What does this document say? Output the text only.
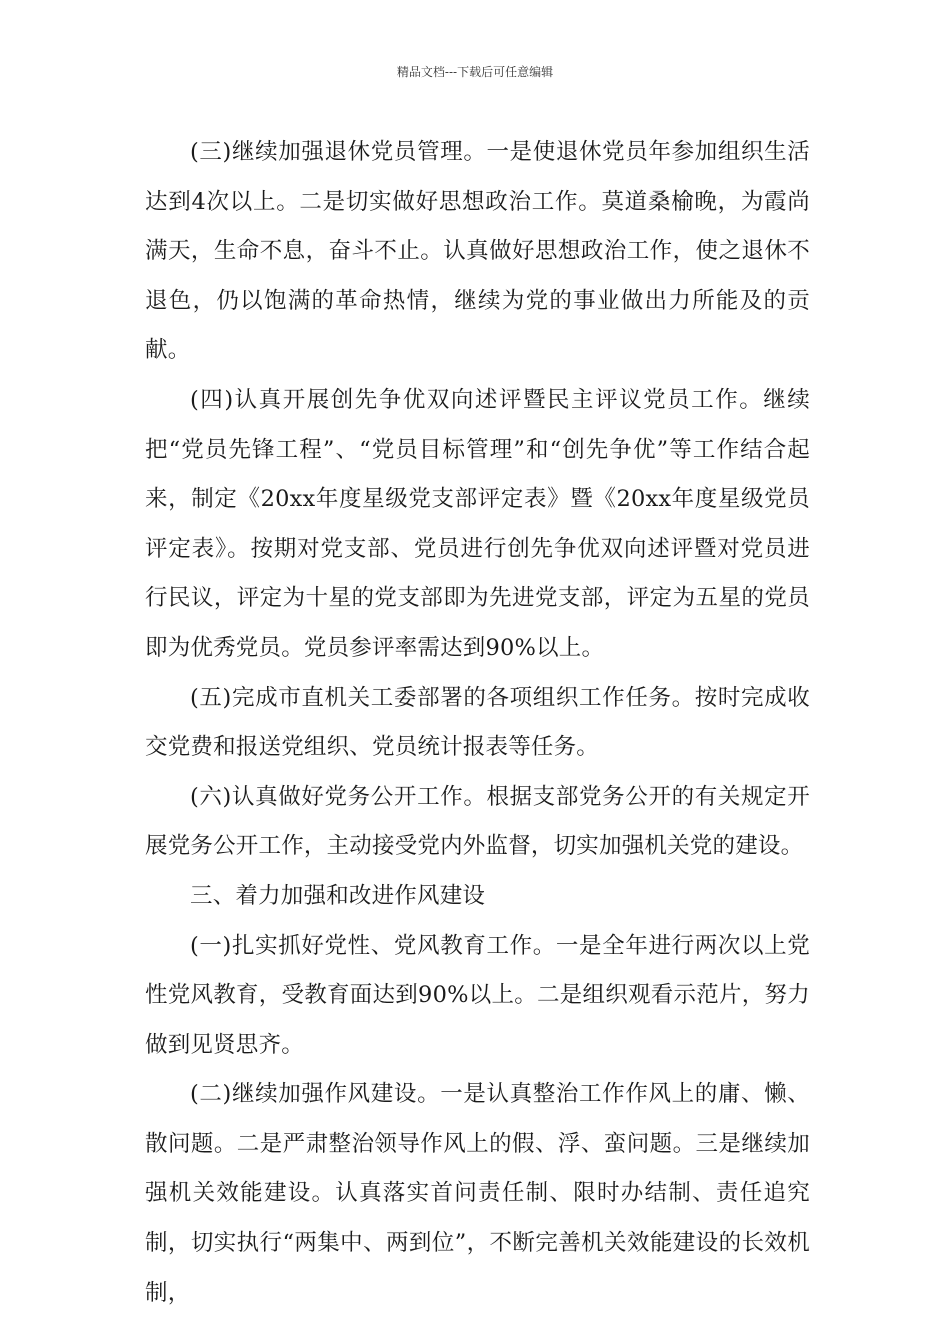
精品文档---下载后可任意编辑

(三)继续加强退休党员管理。一是使退休党员年参加组织生活达到4次以上。二是切实做好思想政治工作。莫道桑榆晚，为霞尚满天，生命不息，奋斗不止。认真做好思想政治工作，使之退休不退色，仍以饱满的革命热情，继续为党的事业做出力所能及的贡献。

(四)认真开展创先争优双向述评暨民主评议党员工作。继续把“党员先锋工程”、“党员目标管理”和“创先争优”等工作结合起来，制定《20xx年度星级党支部评定表》暨《20xx年度星级党员评定表》。按期对党支部、党员进行创先争优双向述评暨对党员进行民议，评定为十星的党支部即为先进党支部，评定为五星的党员即为优秀党员。党员参评率需达到90%以上。

(五)完成市直机关工委部署的各项组织工作任务。按时完成收交党费和报送党组织、党员统计报表等任务。

(六)认真做好党务公开工作。根据支部党务公开的有关规定开展党务公开工作，主动接受党内外监督，切实加强机关党的建设。

三、着力加强和改进作风建设

(一)扎实抓好党性、党风教育工作。一是全年进行两次以上党性党风教育，受教育面达到90%以上。二是组织观看示范片，努力做到见贤思齐。

(二)继续加强作风建设。一是认真整治工作作风上的庸、懒、散问题。二是严肃整治领导作风上的假、浮、蛮问题。三是继续加强机关效能建设。认真落实首问责任制、限时办结制、责任追究制，切实执行“两集中、两到位”，不断完善机关效能建设的长效机制，
